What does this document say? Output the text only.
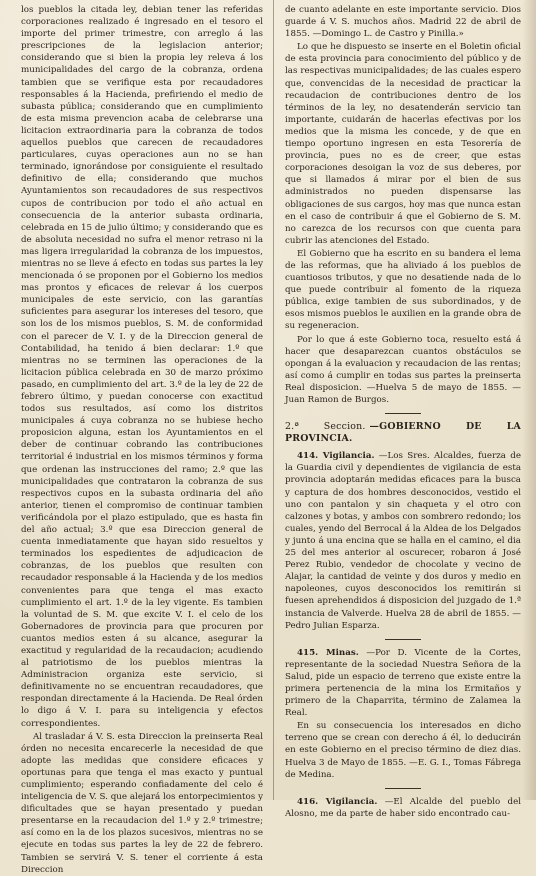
los pueblos la citada ley, debian tener las referidas corporaciones realizado é ingresado en el tesoro el importe del primer trimestre, con arreglo á las prescripciones de la legislacion anterior; considerando que si bien la propia ley releva á los municipalidades del cargo de la cobranza, ordena tambien que se verifique esta por recaudadores responsables á la Hacienda, prefiriendo el medio de subasta pública; considerando que en cumplimiento de esta misma prevencion acaba de celebrarse una licitacion extraordinaria para la cobranza de todos aquellos pueblos que carecen de recaudadores particulares, cuyas operaciones aun no se han terminado, ignorándose por consiguiente el resultado definitivo de ella; considerando que muchos Ayuntamientos son recaudadores de sus respectivos cupos de contribucion por todo el año actual en consecuencia de la anterior subasta ordinaria, celebrada en 15 de julio último; y considerando que es de absoluta necesidad no sufra el menor retraso ni la mas ligera irregularidad la cobranza de los impuestos, mientras no se lleve á efecto en todas sus partes la ley mencionada ó se proponen por el Gobierno los medios mas prontos y eficaces de relevar á los cuerpos municipales de este servicio, con las garantías suficientes para asegurar los intereses del tesoro, que son los de los mismos pueblos, S. M. de conformidad con el parecer de V. I. y de la Direccion general de Contabilidad, ha tenido á bien declarar: 1.º que mientras no se terminen las operaciones de la licitacion pública celebrada en 30 de marzo próximo pasado, en cumplimiento del art. 3.º de la ley de 22 de febrero último, y puedan conocerse con exactitud todos sus resultados, así como los distritos municipales á cuya cobranza no se hubiese hecho proposicion alguna, estan los Ayuntamientos en el deber de continuar cobrando las contribuciones territorial é industrial en los mismos términos y forma que ordenan las instrucciones del ramo; 2.º que las municipalidades que contrataron la cobranza de sus respectivos cupos en la subasta ordinaria del año anterior, tienen el compromiso de continuar tambien verificándola por el plazo estipulado, que es hasta fin del año actual; 3.º que esa Direccion general de cuenta inmediatamente que hayan sido resueltos y terminados los espedientes de adjudicacion de cobranzas, de los pueblos que resulten con recaudador responsable á la Hacienda y de los medios convenientes para que tenga el mas exacto cumplimiento el art. 1.º de la ley vigente. Es tambien la voluntad de S. M. que excite V. I. el celo de los Gobernadores de provincia para que procuren por cuantos medios esten á su alcance, asegurar la exactitud y regularidad de la recaudacion; acudiendo al patriotismo de los pueblos mientras la Administracion organiza este servicio, si definitivamente no se encuentran recaudadores, que respondan directamente á la Hacienda. De Real órden lo digo á V. I. para su inteligencia y efectos correspondientes.

Al trasladar á V. S. esta Direccion la preinserta Real órden no necesita encarecerle la necesidad de que adopte las medidas que considere eficaces y oportunas para que tenga el mas exacto y puntual cumplimiento; esperando confiadamente del celo é inteligencia de V. S. que alejará los entorpecimientos y dificultades que se hayan presentado y puedan presentarse en la recaudacion del 1.º y 2.º trimestre; así como en la de los plazos sucesivos, mientras no se ejecute en todas sus partes la ley de 22 de febrero. Tambien se servirá V. S. tener el corriente á esta Direccion

de cuanto adelante en este importante servicio. Dios guarde á V. S. muchos años. Madrid 22 de abril de 1855. —Domingo L. de Castro y Pinilla.»

Lo que he dispuesto se inserte en el Boletin oficial de esta provincia para conocimiento del público y de las respectivas municipalidades; de las cuales espero que, convencidas de la necesidad de practicar la recaudacion de contribuciones dentro de los términos de la ley, no desatenderán servicio tan importante, cuidarán de hacerlas efectivas por los medios que la misma les concede, y de que en tiempo oportuno ingresen en esta Tesorería de provincia, pues no es de creer, que estas corporaciones desoigan la voz de sus deberes, por que si llamados á mirar por el bien de sus administrados no pueden dispensarse las obligaciones de sus cargos, hoy mas que nunca estan en el caso de contribuir á que el Gobierno de S. M. no carezca de los recursos con que cuenta para cubrir las atenciones del Estado.

El Gobierno que ha escrito en su bandera el lema de las reformas, que ha aliviado á los pueblos de cuantiosos tributos, y que no desatiende nada de lo que puede contribuir al fomento de la riqueza pública, exige tambien de sus subordinados, y de esos mismos pueblos le auxilien en la grande obra de su regeneracion.

Por lo que á este Gobierno toca, resuelto está á hacer que desaparezcan cuantos obstáculos se opongan á la evaluacion y recaudacion de las rentas; así como á cumplir en todas sus partes la preinserta Real disposicion. —Huelva 5 de mayo de 1855. —Juan Ramon de Burgos.

2.ª Seccion. —GOBIERNO DE LA PROVINCIA.

414. Vigilancia. —Los Sres. Alcaldes, fuerza de la Guardia civil y dependientes de vigilancia de esta provincia adoptarán medidas eficaces para la busca y captura de dos hombres desconocidos, vestido el uno con pantalon y sin chaqueta y el otro con calzones y botas, y ambos con sombrero redondo; los cuales, yendo del Berrocal á la Aldea de los Delgados y junto á una encina que se halla en el camino, el dia 25 del mes anterior al oscurecer, robaron á José Perez Rubio, vendedor de chocolate y vecino de Alajar, la cantidad de veinte y dos duros y medio en napoleones, cuyos desconocidos los remitirán si fuesen aprehendidos á disposicion del juzgado de 1.ª instancia de Valverde. Huelva 28 de abril de 1855. —Pedro Julian Esparza.

415. Minas. —Por D. Vicente de la Cortes, representante de la sociedad Nuestra Señora de la Salud, pide un espacio de terreno que existe entre la primera pertenencia de la mina los Ermitaños y primero de la Chaparrita, término de Zalamea la Real.

En su consecuencia los interesados en dicho terreno que se crean con derecho á él, lo deducirán en este Gobierno en el preciso término de diez dias. Huelva 3 de Mayo de 1855. —E. G. I., Tomas Fábrega de Medina.

416. Vigilancia. —El Alcalde del pueblo del Alosno, me da parte de haber sido encontrado cau-
